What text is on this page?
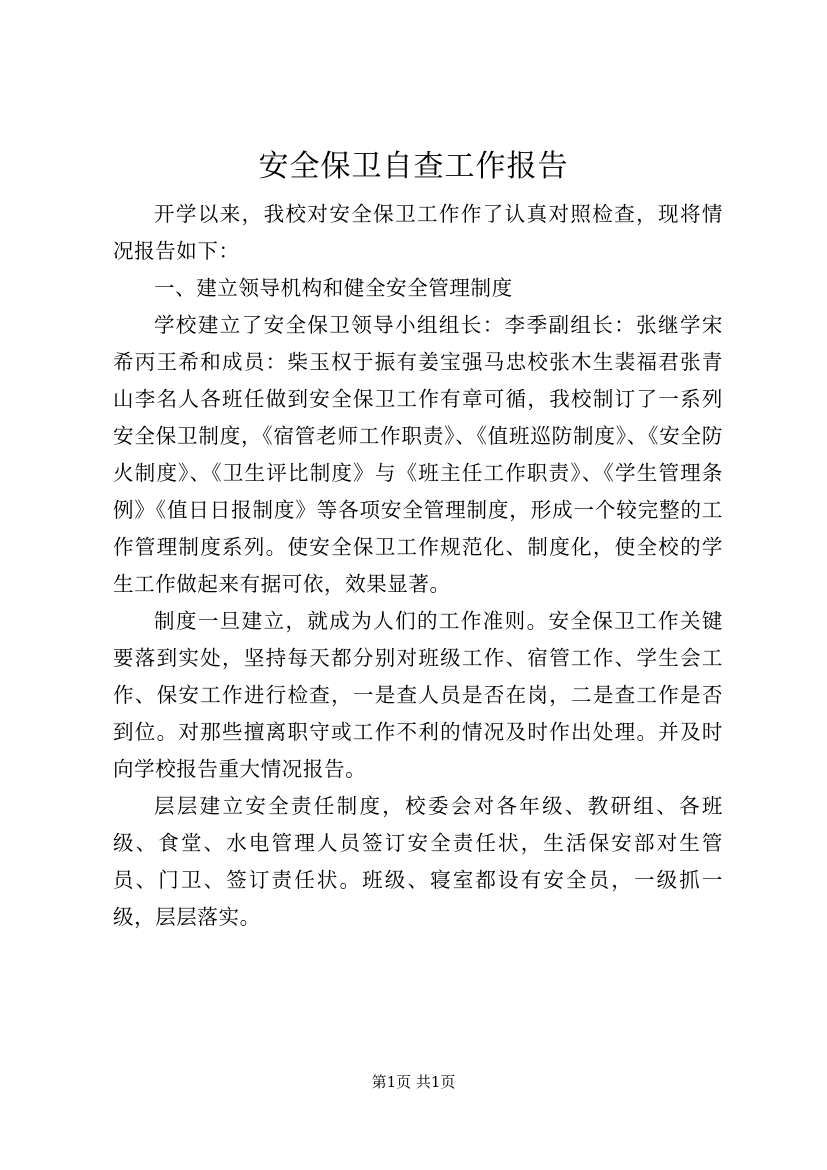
安全保卫自查工作报告

开学以来，我校对安全保卫工作作了认真对照检查，现将情况报告如下：

一、建立领导机构和健全安全管理制度

学校建立了安全保卫领导小组组长：李季副组长：张继学宋希丙王希和成员：柴玉权于振有姜宝强马忠校张木生裴福君张青山李名人各班任做到安全保卫工作有章可循，我校制订了一系列安全保卫制度，《宿管老师工作职责》、《值班巡防制度》、《安全防火制度》、《卫生评比制度》与《班主任工作职责》、《学生管理条例》《值日日报制度》等各项安全管理制度，形成一个较完整的工作管理制度系列。使安全保卫工作规范化、制度化，使全校的学生工作做起来有据可依，效果显著。

制度一旦建立，就成为人们的工作准则。安全保卫工作关键要落到实处，坚持每天都分别对班级工作、宿管工作、学生会工作、保安工作进行检查，一是查人员是否在岗，二是查工作是否到位。对那些擅离职守或工作不利的情况及时作出处理。并及时向学校报告重大情况报告。

层层建立安全责任制度，校委会对各年级、教研组、各班级、食堂、水电管理人员签订安全责任状，生活保安部对生管员、门卫、签订责任状。班级、寝室都设有安全员，一级抓一级，层层落实。

第1页 共1页
